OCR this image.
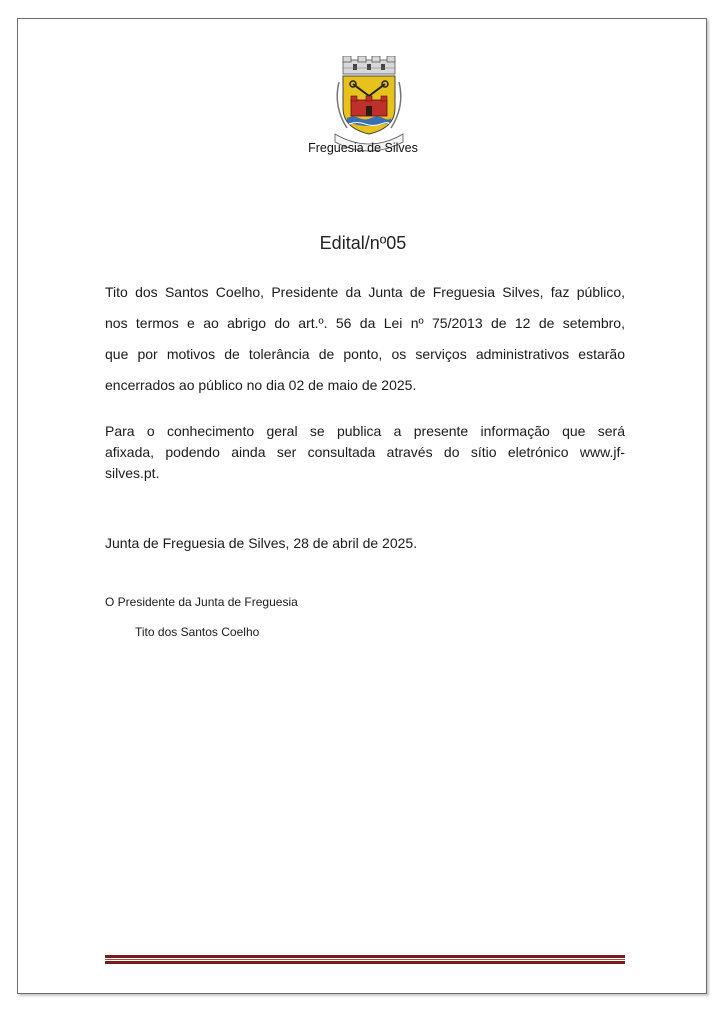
Freguesia de Silves
Edital/nº05
Tito dos Santos Coelho, Presidente da Junta de Freguesia Silves, faz público,
nos termos e ao abrigo do art.º. 56 da Lei nº 75/2013 de 12 de setembro,
que por motivos de tolerância de ponto, os serviços administrativos estarão
encerrados ao público no dia 02 de maio de 2025.
Para o conhecimento geral se publica a presente informação que será
afixada, podendo ainda ser consultada através do sítio eletrónico www.jf-
silves.pt.
Junta de Freguesia de Silves, 28 de abril de 2025.
O Presidente da Junta de Freguesia
Tito dos Santos Coelho
